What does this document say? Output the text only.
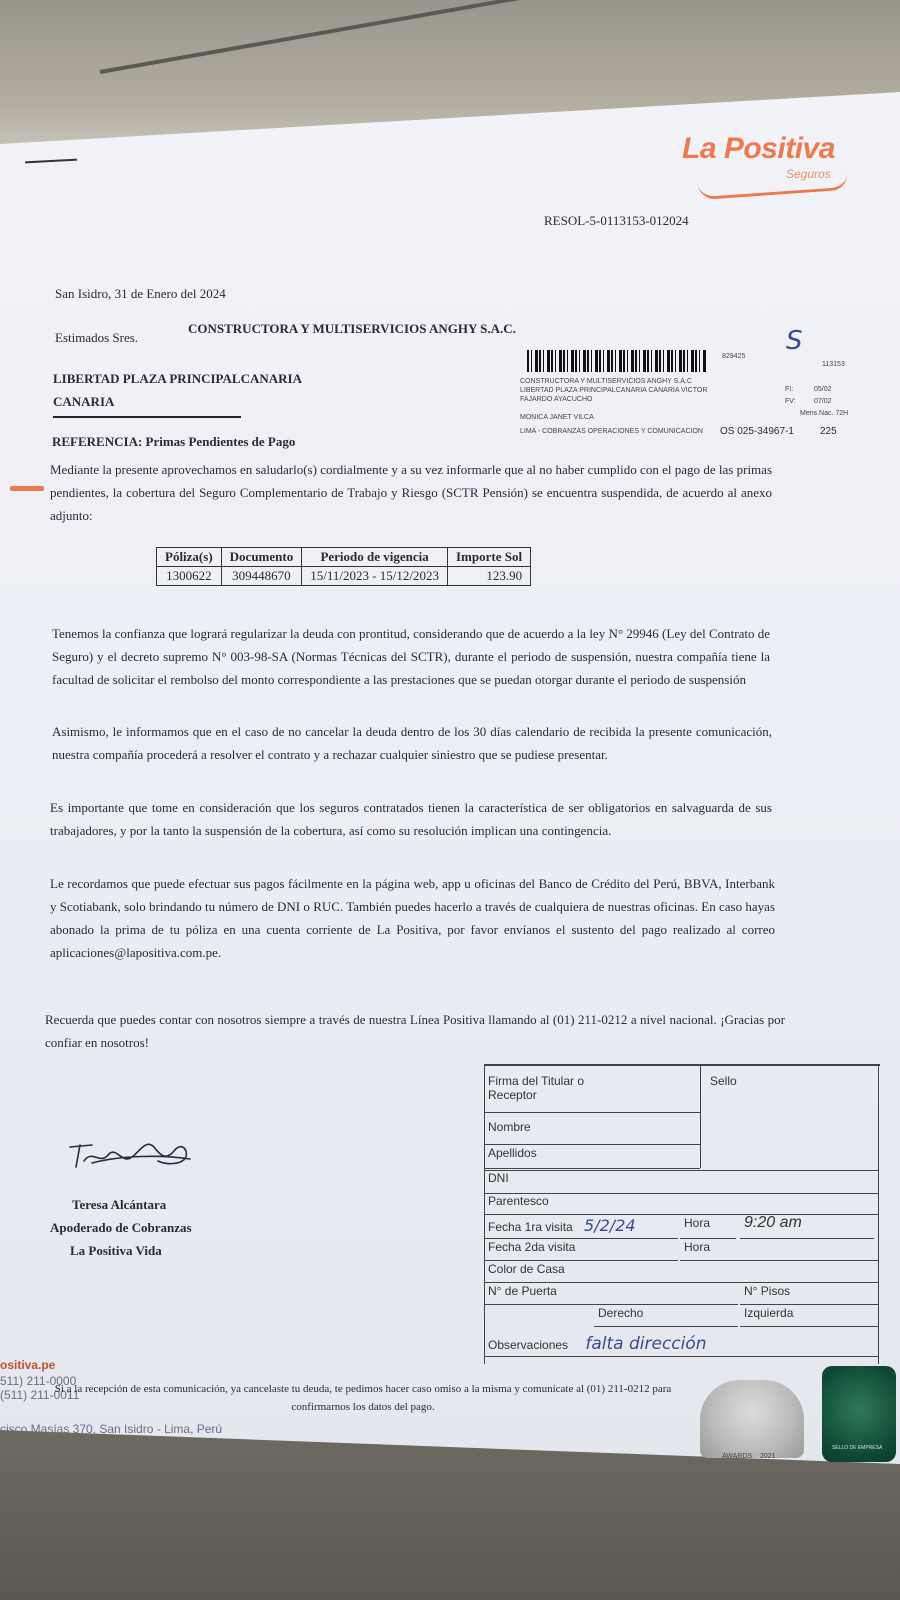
La Positiva
Seguros
RESOL-5-0113153-012024
San Isidro, 31 de Enero del 2024
Estimados Sres.
CONSTRUCTORA Y MULTISERVICIOS ANGHY S.A.C.
LIBERTAD PLAZA PRINCIPALCANARIA
CANARIA
REFERENCIA: Primas Pendientes de Pago
829425
S
113153
CONSTRUCTORA Y MULTISERVICIOS ANGHY S.A.C
LIBERTAD PLAZA PRINCIPALCANARIA CANARIA VICTOR
FAJARDO AYACUCHO
MONICA JANET VILCA
LIMA - COBRANZAS OPERACIONES Y COMUNICACION
FI:	05/02
FV:	07/02
Mens.Nac. 72H
OS 025-34967-1	225
Mediante la presente aprovechamos en saludarlo(s) cordialmente y a su vez informarle que al no haber cumplido con el pago de las primas pendientes, la cobertura del Seguro Complementario de Trabajo y Riesgo (SCTR Pensión) se encuentra suspendida, de acuerdo al anexo adjunto:
Póliza(s)	Documento	Periodo de vigencia	Importe Sol
1300622	309448670	15/11/2023 - 15/12/2023	123.90
Tenemos la confianza que logrará regularizar la deuda con prontitud, considerando que de acuerdo a la ley N° 29946 (Ley del Contrato de Seguro) y el decreto supremo N° 003-98-SA (Normas Técnicas del SCTR), durante el periodo de suspensión, nuestra compañía tiene la facultad de solicitar el rembolso del monto correspondiente a las prestaciones que se puedan otorgar durante el periodo de suspensión
Asimismo, le informamos que en el caso de no cancelar la deuda dentro de los 30 días calendario de recibida la presente comunicación, nuestra compañía procederá a resolver el contrato y a rechazar cualquier siniestro que se pudiese presentar.
Es importante que tome en consideración que los seguros contratados tienen la característica de ser obligatorios en salvaguarda de sus trabajadores, y por la tanto la suspensión de la cobertura, así como su resolución implican una contingencia.
Le recordamos que puede efectuar sus pagos fácilmente en la página web, app u oficinas del Banco de Crédito del Perú, BBVA, Interbank y Scotiabank, solo brindando tu número de DNI o RUC. También puedes hacerlo a través de cualquiera de nuestras oficinas. En caso hayas abonado la prima de tu póliza en una cuenta corriente de La Positiva, por favor envíanos el sustento del pago realizado al correo aplicaciones@lapositiva.com.pe.
Recuerda que puedes contar con nosotros siempre a través de nuestra Línea Positiva llamando al (01) 211-0212 a nivel nacional. ¡Gracias por confiar en nosotros!
Teresa Alcántara
Apoderado de Cobranzas
La Positiva Vida
Firma del Titular o Receptor
Sello
Nombre
Apellidos
DNI
Parentesco
Fecha 1ra visita 5/2/24	Hora	9:20 am
Fecha 2da visita	Hora
Color de Casa
N° de Puerta	N° Pisos
Derecho	Izquierda
Observaciones falta dirección
ositiva.pe
511) 211-0000
(511) 211-0011
cisco Masías 370, San Isidro - Lima, Perú
Si a la recepción de esta comunicación, ya cancelaste tu deuda, te pedimos hacer caso omiso a la misma y comunícate al (01) 211-0212 para confirmarnos los datos del pago.
AWARDS 2021
SELLO DE EMPRESA
